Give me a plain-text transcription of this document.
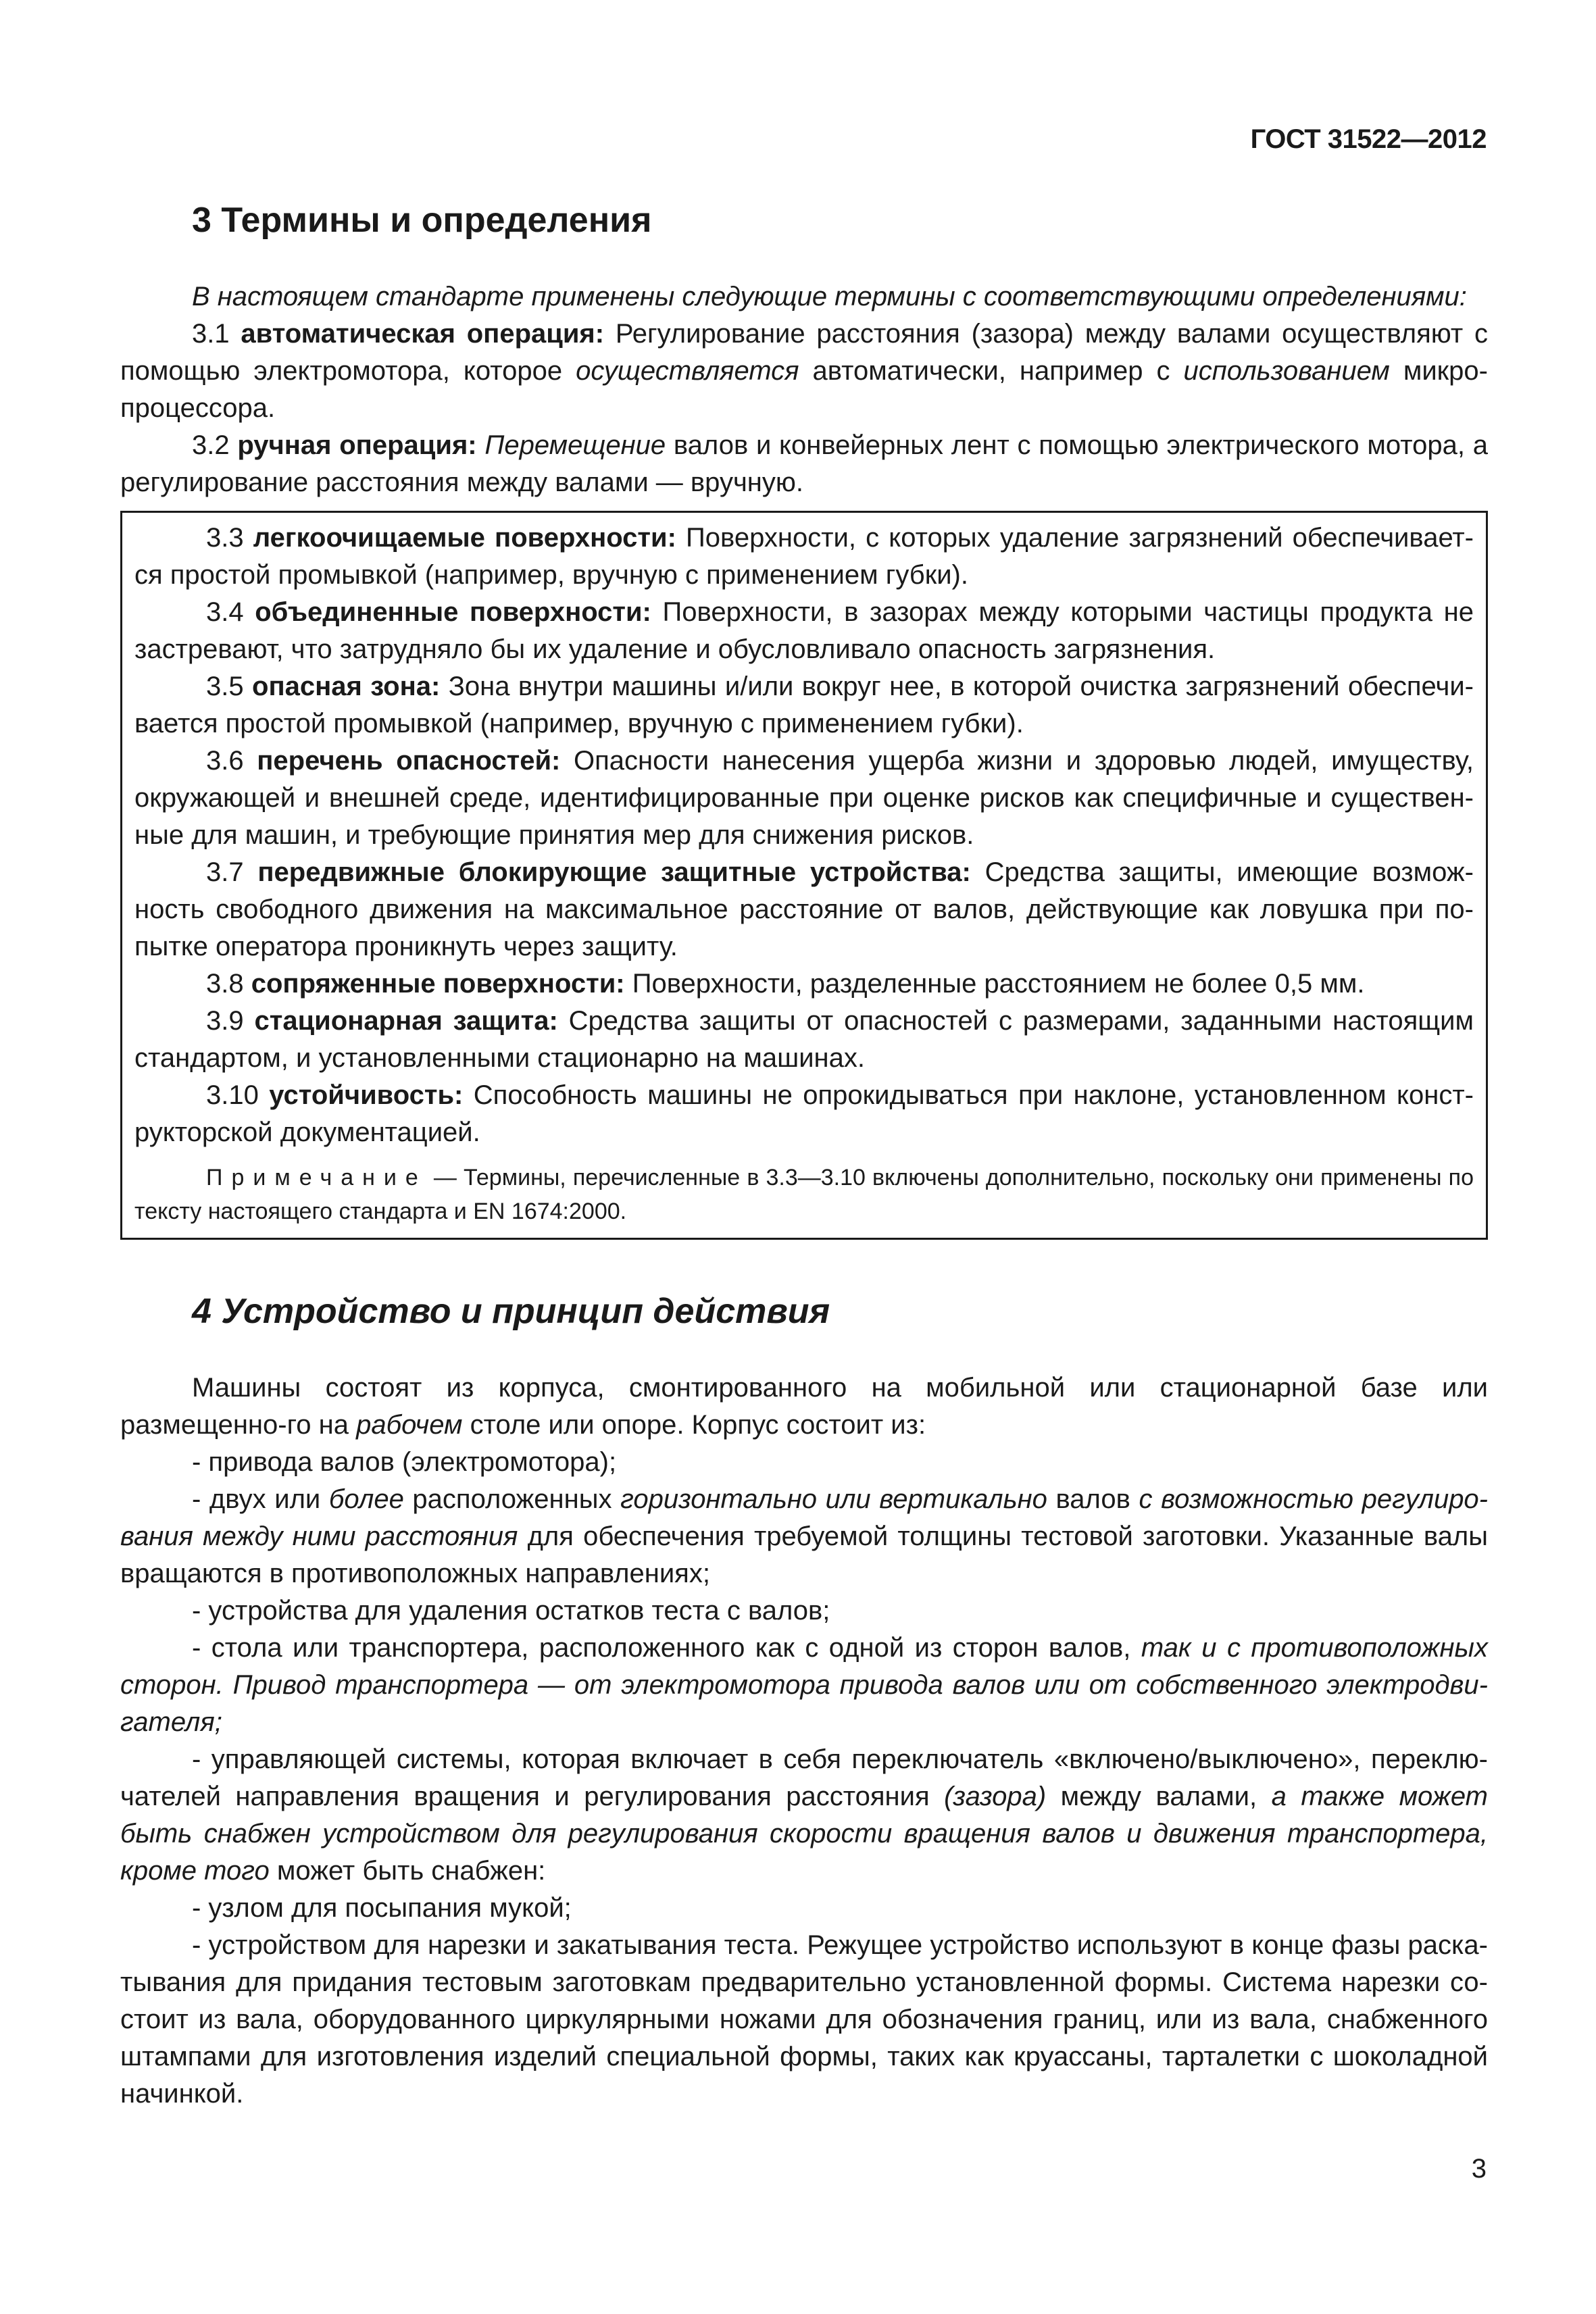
ГОСТ 31522—2012
3 Термины и определения

В настоящем стандарте применены следующие термины с соответствующими определениями:

3.1 автоматическая операция: Регулирование расстояния (зазора) между валами осуществляют с помощью электромотора, которое осуществляется автоматически, например с использованием микро-процессора.

3.2 ручная операция: Перемещение валов и конвейерных лент с помощью электрического мотора, а регулирование расстояния между валами — вручную.

3.3 легкоочищаемые поверхности: Поверхности, с которых удаление загрязнений обеспечивает-ся простой промывкой (например, вручную с применением губки).

3.4 объединенные поверхности: Поверхности, в зазорах между которыми частицы продукта не застревают, что затрудняло бы их удаление и обусловливало опасность загрязнения.

3.5 опасная зона: Зона внутри машины и/или вокруг нее, в которой очистка загрязнений обеспечи-вается простой промывкой (например, вручную с применением губки).

3.6 перечень опасностей: Опасности нанесения ущерба жизни и здоровью людей, имуществу, окружающей и внешней среде, идентифицированные при оценке рисков как специфичные и существен-ные для машин, и требующие принятия мер для снижения рисков.

3.7 передвижные блокирующие защитные устройства: Средства защиты, имеющие возмож-ность свободного движения на максимальное расстояние от валов, действующие как ловушка при по-пытке оператора проникнуть через защиту.

3.8 сопряженные поверхности: Поверхности, разделенные расстоянием не более 0,5 мм.

3.9 стационарная защита: Средства защиты от опасностей с размерами, заданными настоящим стандартом, и установленными стационарно на машинах.

3.10 устойчивость: Способность машины не опрокидываться при наклоне, установленном конст-рукторской документацией.

Примечание — Термины, перечисленные в 3.3—3.10 включены дополнительно, поскольку они применены по тексту настоящего стандарта и EN 1674:2000.

4 Устройство и принцип действия

Машины состоят из корпуса, смонтированного на мобильной или стационарной базе или размещенно-го на рабочем столе или опоре. Корпус состоит из:

- привода валов (электромотора);

- двух или более расположенных горизонтально или вертикально валов с возможностью регулиро-вания между ними расстояния для обеспечения требуемой толщины тестовой заготовки. Указанные валы вращаются в противоположных направлениях;

- устройства для удаления остатков теста с валов;

- стола или транспортера, расположенного как с одной из сторон валов, так и с противоположных сторон. Привод транспортера — от электромотора привода валов или от собственного электродви-гателя;

- управляющей системы, которая включает в себя переключатель «включено/выключено», переклю-чателей направления вращения и регулирования расстояния (зазора) между валами, а также может быть снабжен устройством для регулирования скорости вращения валов и движения транспортера, кроме того может быть снабжен:

- узлом для посыпания мукой;

- устройством для нарезки и закатывания теста. Режущее устройство используют в конце фазы раска-тывания для придания тестовым заготовкам предварительно установленной формы. Система нарезки со-стоит из вала, оборудованного циркулярными ножами для обозначения границ, или из вала, снабженного штампами для изготовления изделий специальной формы, таких как круассаны, тарталетки с шоколадной начинкой.

3
